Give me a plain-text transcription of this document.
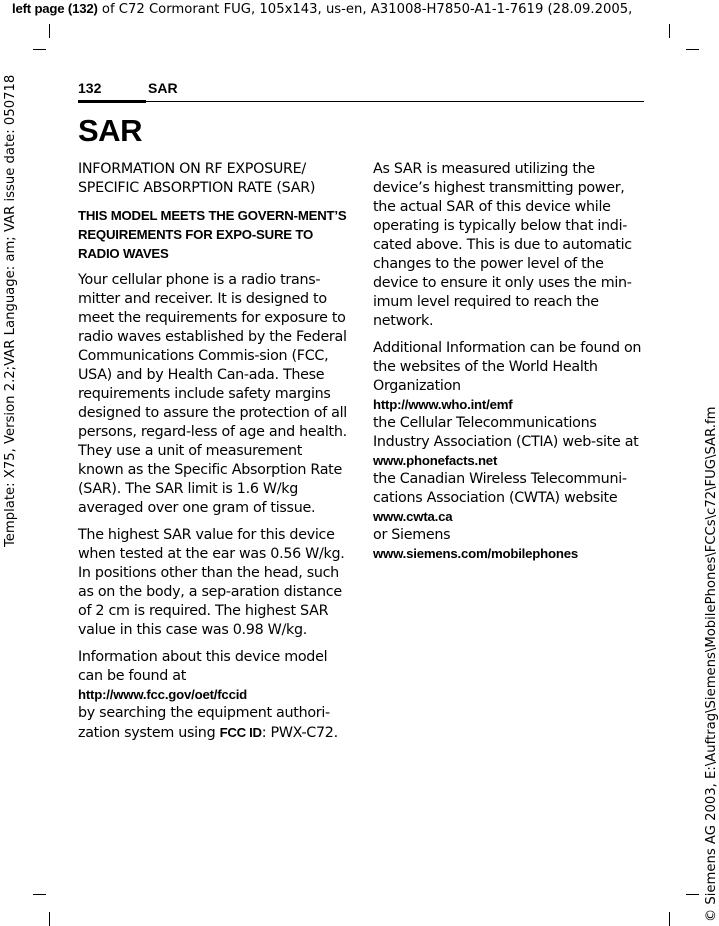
left page (132) of C72 Cormorant FUG, 105x143, us-en, A31008-H7850-A1-1-7619 (28.09.2005,
Template: X75, Version 2.2;VAR Language: am; VAR issue date: 050718
© Siemens AG 2003, E:\Auftrag\Siemens\MobilePhones\FCCs\c72\FUG\SAR.fm
132	SAR
SAR

INFORMATION ON RF EXPOSURE/ SPECIFIC ABSORPTION RATE (SAR)

THIS MODEL MEETS THE GOVERN-MENT’S REQUIREMENTS FOR EXPO-SURE TO RADIO WAVES

Your cellular phone is a radio trans-mitter and receiver. It is designed to meet the requirements for exposure to radio waves established by the Federal Communications Commis-sion (FCC, USA) and by Health Can-ada. These requirements include safety margins designed to assure the protection of all persons, regard-less of age and health. They use a unit of measurement known as the Specific Absorption Rate (SAR). The SAR limit is 1.6 W/kg averaged over one gram of tissue.

The highest SAR value for this device when tested at the ear was 0.56 W/kg. In positions other than the head, such as on the body, a sep-aration distance of 2 cm is required. The highest SAR value in this case was 0.98 W/kg.

Information about this device model can be found at
http://www.fcc.gov/oet/fccid
by searching the equipment authori-zation system using FCC ID: PWX-C72.

As SAR is measured utilizing the device’s highest transmitting power, the actual SAR of this device while operating is typically below that indi-cated above. This is due to automatic changes to the power level of the device to ensure it only uses the min-imum level required to reach the network.

Additional Information can be found on the websites of the World Health Organization
http://www.who.int/emf
the Cellular Telecommunications Industry Association (CTIA) web-site at
www.phonefacts.net
the Canadian Wireless Telecommuni-cations Association (CWTA) website
www.cwta.ca
or Siemens
www.siemens.com/mobilephones
